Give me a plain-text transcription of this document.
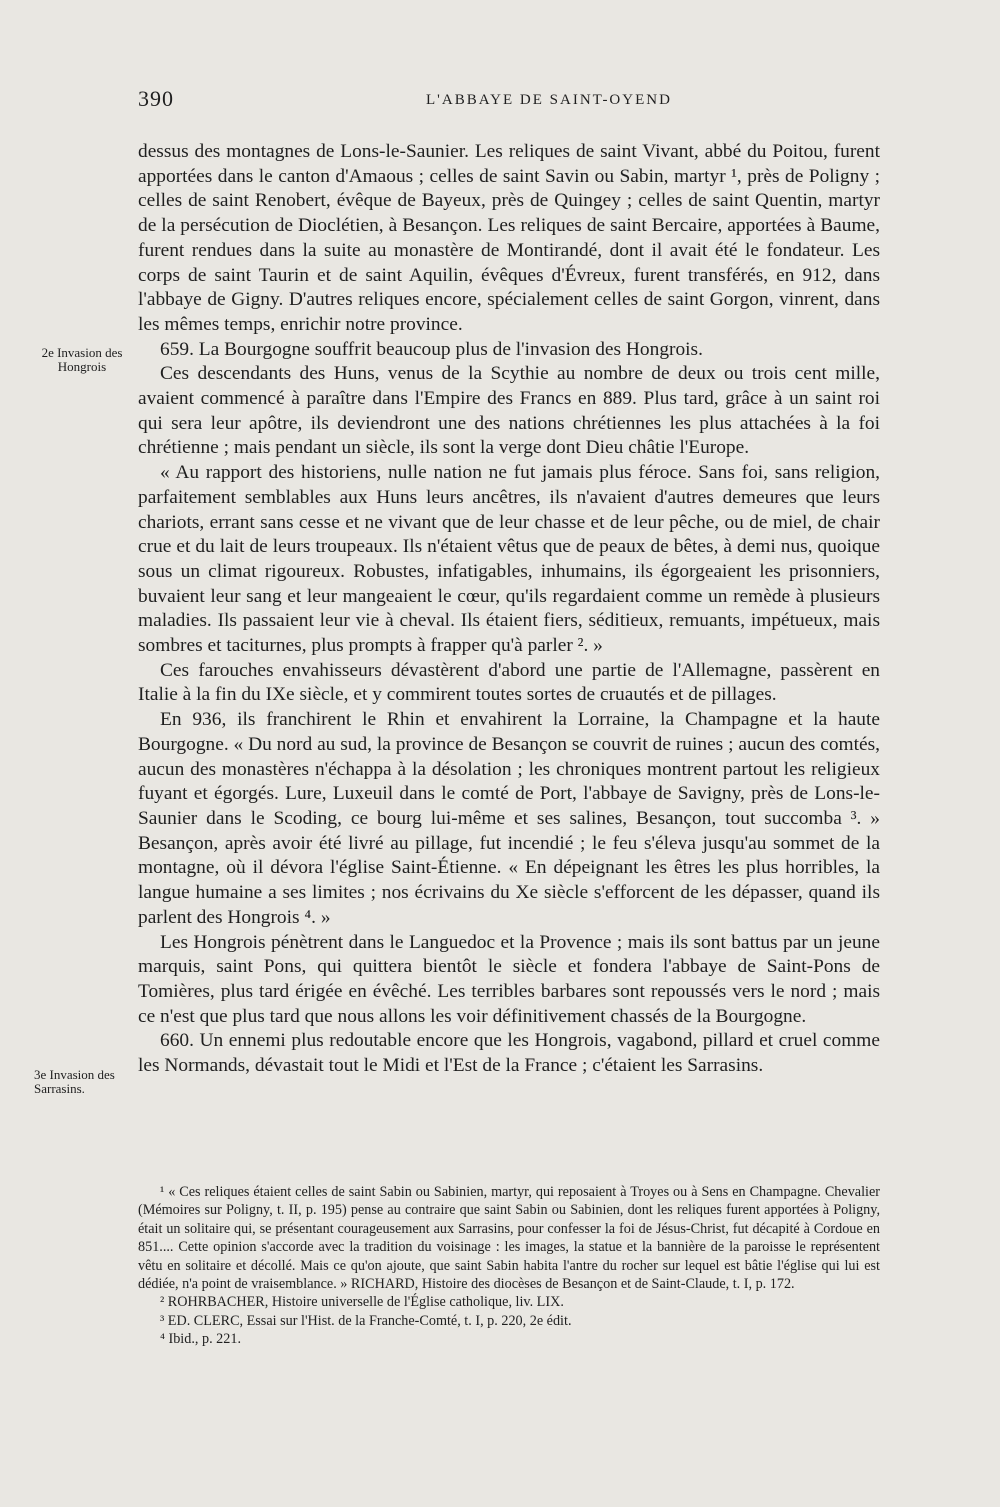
390	L'ABBAYE DE SAINT-OYEND
2e Invasion des Hongrois
3e Invasion des Sarrasins.

dessus des montagnes de Lons-le-Saunier. Les reliques de saint Vivant, abbé du Poitou, furent apportées dans le canton d'Amaous ; celles de saint Savin ou Sabin, martyr ¹, près de Poligny ; celles de saint Renobert, évêque de Bayeux, près de Quingey ; celles de saint Quentin, martyr de la persécution de Dioclétien, à Besançon. Les reliques de saint Bercaire, apportées à Baume, furent rendues dans la suite au monastère de Montirandé, dont il avait été le fondateur. Les corps de saint Taurin et de saint Aquilin, évêques d'Évreux, furent transférés, en 912, dans l'abbaye de Gigny. D'autres reliques encore, spécialement celles de saint Gorgon, vinrent, dans les mêmes temps, enrichir notre province.

659. La Bourgogne souffrit beaucoup plus de l'invasion des Hongrois.

Ces descendants des Huns, venus de la Scythie au nombre de deux ou trois cent mille, avaient commencé à paraître dans l'Empire des Francs en 889. Plus tard, grâce à un saint roi qui sera leur apôtre, ils deviendront une des nations chrétiennes les plus attachées à la foi chrétienne ; mais pendant un siècle, ils sont la verge dont Dieu châtie l'Europe.

« Au rapport des historiens, nulle nation ne fut jamais plus féroce. Sans foi, sans religion, parfaitement semblables aux Huns leurs ancêtres, ils n'avaient d'autres demeures que leurs chariots, errant sans cesse et ne vivant que de leur chasse et de leur pêche, ou de miel, de chair crue et du lait de leurs troupeaux. Ils n'étaient vêtus que de peaux de bêtes, à demi nus, quoique sous un climat rigoureux. Robustes, infatigables, inhumains, ils égorgeaient les prisonniers, buvaient leur sang et leur mangeaient le cœur, qu'ils regardaient comme un remède à plusieurs maladies. Ils passaient leur vie à cheval. Ils étaient fiers, séditieux, remuants, impétueux, mais sombres et taciturnes, plus prompts à frapper qu'à parler ². »

Ces farouches envahisseurs dévastèrent d'abord une partie de l'Allemagne, passèrent en Italie à la fin du IXe siècle, et y commirent toutes sortes de cruautés et de pillages.

En 936, ils franchirent le Rhin et envahirent la Lorraine, la Champagne et la haute Bourgogne. « Du nord au sud, la province de Besançon se couvrit de ruines ; aucun des comtés, aucun des monastères n'échappa à la désolation ; les chroniques montrent partout les religieux fuyant et égorgés. Lure, Luxeuil dans le comté de Port, l'abbaye de Savigny, près de Lons-le-Saunier dans le Scoding, ce bourg lui-même et ses salines, Besançon, tout succomba ³. » Besançon, après avoir été livré au pillage, fut incendié ; le feu s'éleva jusqu'au sommet de la montagne, où il dévora l'église Saint-Étienne. « En dépeignant les êtres les plus horribles, la langue humaine a ses limites ; nos écrivains du Xe siècle s'efforcent de les dépasser, quand ils parlent des Hongrois ⁴. »

Les Hongrois pénètrent dans le Languedoc et la Provence ; mais ils sont battus par un jeune marquis, saint Pons, qui quittera bientôt le siècle et fondera l'abbaye de Saint-Pons de Tomières, plus tard érigée en évêché. Les terribles barbares sont repoussés vers le nord ; mais ce n'est que plus tard que nous allons les voir définitivement chassés de la Bourgogne.

660. Un ennemi plus redoutable encore que les Hongrois, vagabond, pillard et cruel comme les Normands, dévastait tout le Midi et l'Est de la France ; c'étaient les Sarrasins.

¹ « Ces reliques étaient celles de saint Sabin ou Sabinien, martyr, qui reposaient à Troyes ou à Sens en Champagne. Chevalier (Mémoires sur Poligny, t. II, p. 195) pense au contraire que saint Sabin ou Sabinien, dont les reliques furent apportées à Poligny, était un solitaire qui, se présentant courageusement aux Sarrasins, pour confesser la foi de Jésus-Christ, fut décapité à Cordoue en 851.... Cette opinion s'accorde avec la tradition du voisinage : les images, la statue et la bannière de la paroisse le représentent vêtu en solitaire et décollé. Mais ce qu'on ajoute, que saint Sabin habita l'antre du rocher sur lequel est bâtie l'église qui lui est dédiée, n'a point de vraisemblance. » RICHARD, Histoire des diocèses de Besançon et de Saint-Claude, t. I, p. 172.

² ROHRBACHER, Histoire universelle de l'Église catholique, liv. LIX.

³ ED. CLERC, Essai sur l'Hist. de la Franche-Comté, t. I, p. 220, 2e édit.

⁴ Ibid., p. 221.
